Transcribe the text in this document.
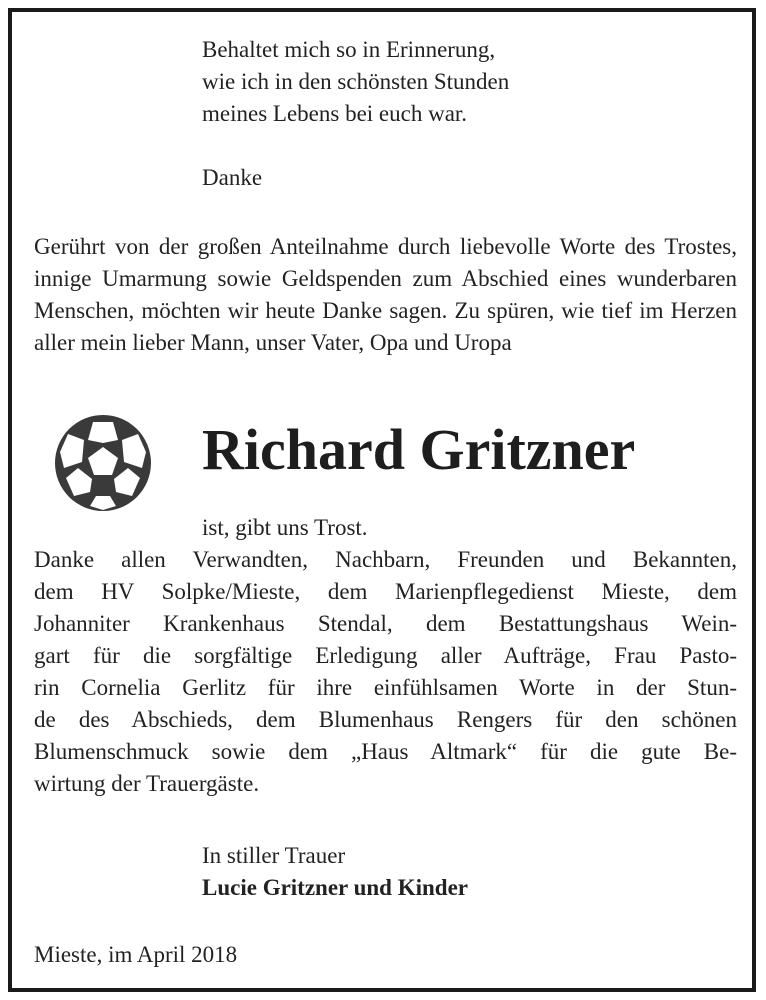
Behaltet mich so in Erinnerung,
wie ich in den schönsten Stunden
meines Lebens bei euch war.
Danke
Gerührt von der großen Anteilnahme durch liebevolle Worte des Trostes, innige Umarmung sowie Geldspenden zum Abschied eines wunderbaren Menschen, möchten wir heute Danke sagen. Zu spüren, wie tief im Herzen aller mein lieber Mann, unser Vater, Opa und Uropa
Richard Gritzner
ist, gibt uns Trost.
Danke allen Verwandten, Nachbarn, Freunden und Bekannten,
dem HV Solpke/Mieste, dem Marienpflegedienst Mieste, dem
Johanniter Krankenhaus Stendal, dem Bestattungshaus Wein-
gart für die sorgfältige Erledigung aller Aufträge, Frau Pasto-
rin Cornelia Gerlitz für ihre einfühlsamen Worte in der Stun-
de des Abschieds, dem Blumenhaus Rengers für den schönen
Blumenschmuck sowie dem „Haus Altmark“ für die gute Be-
wirtung der Trauergäste.
In stiller Trauer
Lucie Gritzner und Kinder
Mieste, im April 2018
